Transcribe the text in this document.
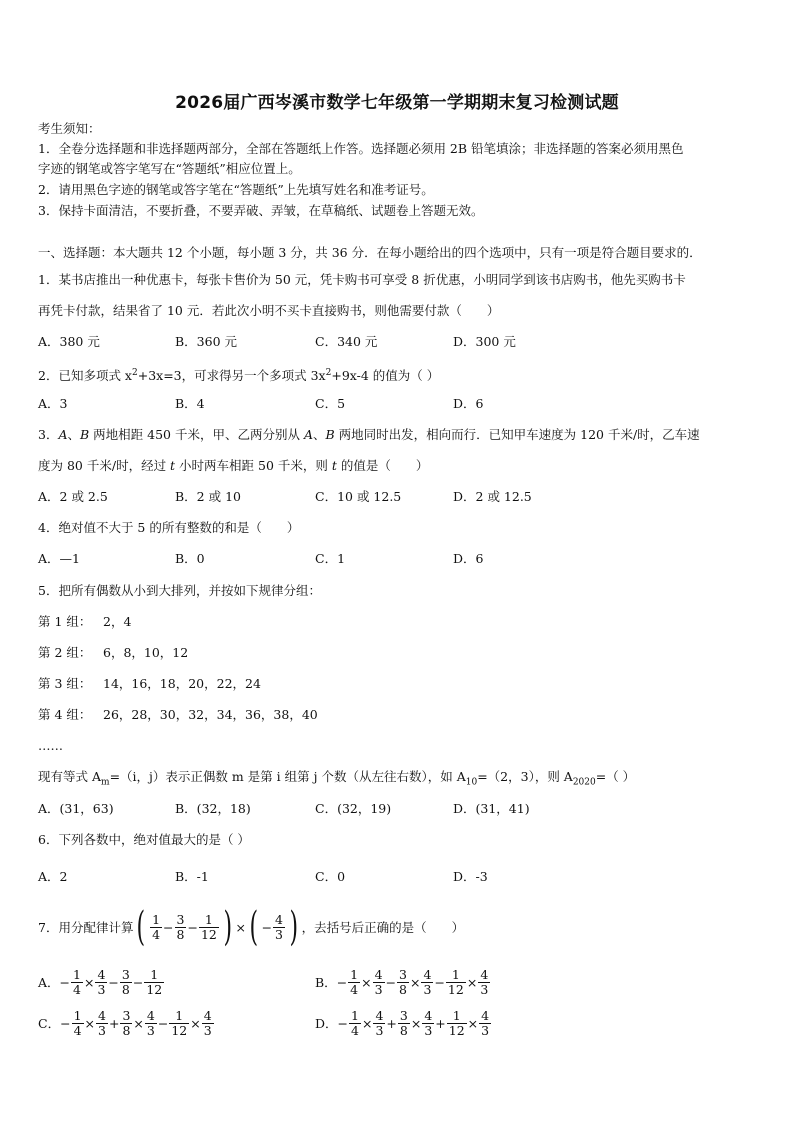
2026届广西岑溪市数学七年级第一学期期末复习检测试题
考生须知：
1．全卷分选择题和非选择题两部分，全部在答题纸上作答。选择题必须用 2B 铅笔填涂；非选择题的答案必须用黑色
字迹的钢笔或答字笔写在“答题纸”相应位置上。
2．请用黑色字迹的钢笔或答字笔在“答题纸”上先填写姓名和准考证号。
3．保持卡面清洁，不要折叠，不要弄破、弄皱，在草稿纸、试题卷上答题无效。
一、选择题：本大题共 12 个小题，每小题 3 分，共 36 分．在每小题给出的四个选项中，只有一项是符合题目要求的．
1．某书店推出一种优惠卡，每张卡售价为 50 元，凭卡购书可享受 8 折优惠，小明同学到该书店购书，他先买购书卡
再凭卡付款，结果省了 10 元．若此次小明不买卡直接购书，则他需要付款（　　）
A．380 元	B．360 元	C．340 元	D．300 元
2．已知多项式 $x^2+3x=3$，可求得另一个多项式 $3x^2+9x-4$ 的值为（ ）
A．3	B．4	C．5	D．6
3．A、B 两地相距 450 千米，甲、乙两分别从 A、B 两地同时出发，相向而行．已知甲车速度为 120 千米/时，乙车速
度为 80 千米/时，经过 t 小时两车相距 50 千米，则 t 的值是（　　）
A．2 或 2.5	B．2 或 10	C．10 或 12.5	D．2 或 12.5
4．绝对值不大于 5 的所有整数的和是（　　）
A．—1	B．0	C．1	D．6
5．把所有偶数从小到大排列，并按如下规律分组：
第 1 组： 2，4
第 2 组： 6，8，10，12
第 3 组： 14，16，18，20，22，24
第 4 组： 26，28，30，32，34，36，38，40
……
现有等式 $A_m=(i$，j）表示正偶数 m 是第 i 组第 j 个数（从左往右数），如 $A_{10}=(2$，3），则 $A_{2020}=$（ ）
A．(31，63)	B．(32，18)	C．(32，19)	D．(31，41)
6．下列各数中，绝对值最大的是（ ）
A．2	B．-1	C．0	D．-3
7．用分配律计算 ( $\frac{1}{4} - \frac{3}{8} - \frac{1}{12}$ ) × ( − $\frac{4}{3}$ ) ，去括号后正确的是（　　）
A． − $\frac{1}{4} \times \frac{4}{3} - \frac{3}{8} - \frac{1}{12}$	B． − $\frac{1}{4} \times \frac{4}{3} - \frac{3}{8} \times \frac{4}{3} - \frac{1}{12} \times \frac{4}{3}$
C． − $\frac{1}{4} \times \frac{4}{3} + \frac{3}{8} \times \frac{4}{3} - \frac{1}{12} \times \frac{4}{3}$	D． − $\frac{1}{4} \times \frac{4}{3} + \frac{3}{8} \times \frac{4}{3} + \frac{1}{12} \times \frac{4}{3}$
